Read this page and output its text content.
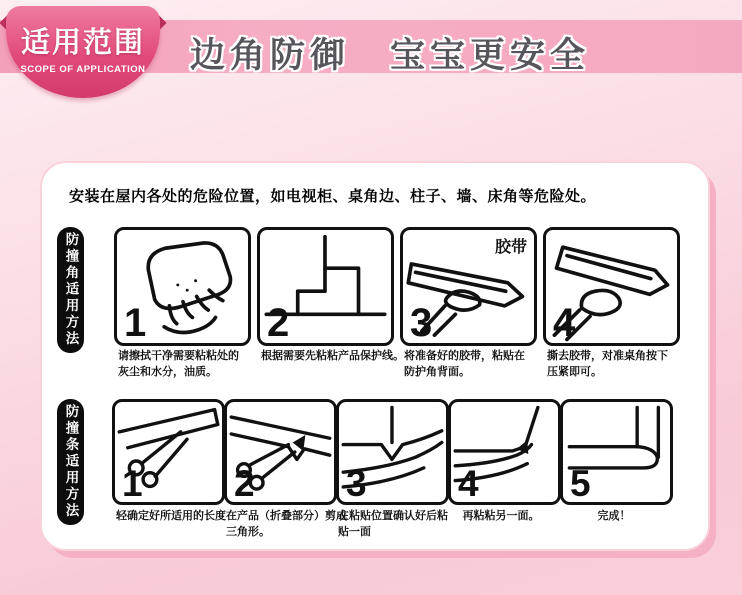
边角防御　宝宝更安全
适用范围
SCOPE OF APPLICATION
安装在屋内各处的危险位置，如电视柜、桌角边、柱子、墙、床角等危险处。
防撞角适用方法 1	2
胶带
3	4
请擦拭干净需要粘粘处的灰尘和水分，油质。
根据需要先粘粘产品保护线。 将准备好的胶带，粘贴在防护角背面。
撕去胶带，对准桌角按下压紧即可。
防撞条适用方法 1 2 3 4 5
轻确定好所适用的长度 在产品（折叠部分）剪成三角形。
在粘贴位置确认好后粘贴一面
再粘粘另一面。	完成！
